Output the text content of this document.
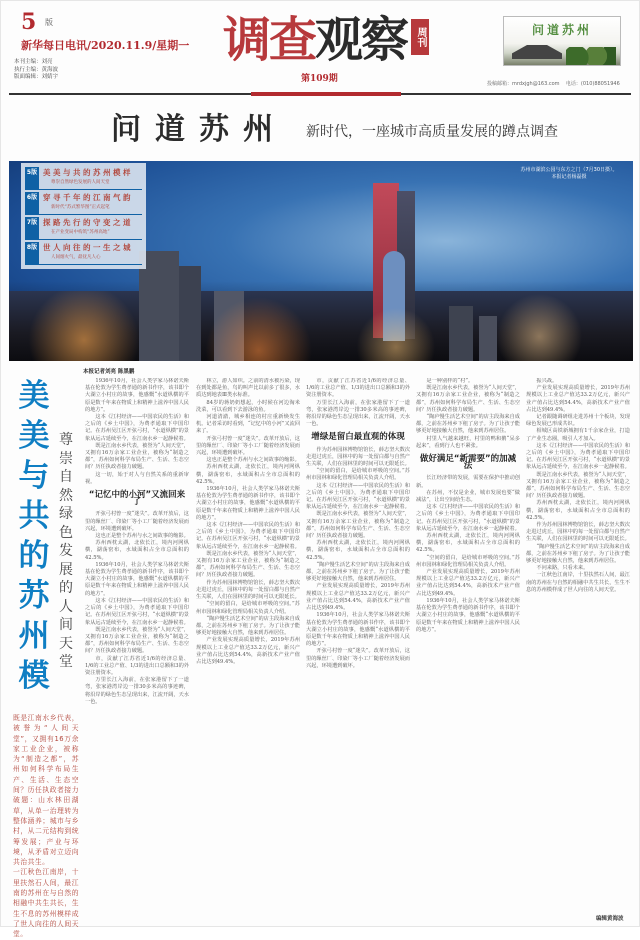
5 版
新华每日电讯/2020.11.9/星期一
本刊主编：刘亮
执行主编：黄海波
版面编辑：刘婧宇
调查观察 周刊
第109期
问道苏州
投稿邮箱：mrdxjgh@163.com 电话：(010)88051946
问道苏州 新时代，一座城市高质量发展的蹲点调查
5版 美美与共的苏州模样
尊崇自然绿色发展的人间天堂
6版 穿寻千年的江南气韵
新时代“苏式繁华图”正式起笔
7版 探路先行的守变之道
在产业变局中构筑“苏州高地”
8版 世人向往的一生之城
人间烟火气，最抚凡人心
苏州市湖滨公园与东方之门（7月30日摄）。本报记者杨磊摄
本报记者刘亮 陈黑鹏
美
美
与
共
的
苏
州
模
尊
崇
自
然
绿
色
发
展
的
人
间
天
堂
既是江南水乡代表，被誉为“人间天堂”，又拥有16万余家工业企业，被称为“制造之都”，苏州如何科学布局生产、生活、生态空间？历任执政者接力破题：山水林田湖草，从单一治理转为整体涵养；城市与乡村，从二元结构到统筹发展；产业与环境，从矛盾对立迈向共治共生。
一江秋色江南岸，十里扶然石人间，最江南的苏州在与自然的相融中共生共长，生生不息的苏州模样成了世人向往的人间天堂。

1936年10月，社会人类学家马林诺夫斯基在伦敦为学生费孝通的新书作序，该书即个大湖立小村庄的故事，他感慨“水道纵横的平原是数千年来在物质上和精神上滋养中国人民的地方”。

这本《江村经济——中国农民的生活》和之后的《乡土中国》，为费孝通取下中国印记。在苏州吴江区开弦弓村，“水道纵横”的景象从远古延续至今，在江南水乡一起静候着。

既是江南水乡代表，被誉为“人间天堂”，又拥有16万余家工业企业，被称为“制造之都”，苏州如何科学布局生产、生活、生态空间？历任执政者接力破题。

这一切，始于对人与自然关系的重新审视。

“记忆中的小河”又流回来了

开弦弓村曾一度“迷失”。改革开放后，这里的缫丝厂、印染厂等小工厂随着经济发展而兴起，环境遭到破坏。

这也正是整个苏州与水之间故事的缩影。

苏州西枕太湖，北依长江，境内河网纵横，湖荡密布，水域面积占全市总面积的42.5%。

1936年10月，社会人类学家马林诺夫斯基在伦敦为学生费孝通的新书作序，该书即个大湖立小村庄的故事，他感慨“水道纵横的平原是数千年来在物质上和精神上滋养中国人民的地方”。

这本《江村经济——中国农民的生活》和之后的《乡土中国》，为费孝通取下中国印记。在苏州吴江区开弦弓村，“水道纵横”的景象从远古延续至今，在江南水乡一起静候着。

既是江南水乡代表，被誉为“人间天堂”，又拥有16万余家工业企业，被称为“制造之都”，苏州如何科学布局生产、生活、生态空间？历任执政者接力破题。

市，贡献了江苏省近1/6的经济总量、1/6的工业总产值、1/3的进出口总额和3的外资注册资本。

万里长江入海前，在张家港留下了一道弯，张家港湾岸边一排30多米高的事迹碑，将沿岸的绿色生态呈现出来，江流开阔，天水一色。

林立，游人如织。之前的清水被污染，现在到处都是鱼，鸟的叫声比以前多了很多，水质达到地表Ⅲ类水标准。

84岁的蒋奶奶想起，小时候在河边淘米洗菜，可以看到下去游泳的鱼。

河道清澈，城乡相连的村庄重新焕发生机。记者采访时看到，“记忆中的小河”又流回来了。

开弦弓村曾一度“迷失”。改革开放后，这里的缫丝厂、印染厂等小工厂随着经济发展而兴起，环境遭到破坏。

这也正是整个苏州与水之间故事的缩影。

苏州西枕太湖，北依长江，境内河网纵横，湖荡密布，水域面积占全市总面积的42.5%。

1936年10月，社会人类学家马林诺夫斯基在伦敦为学生费孝通的新书作序，该书即个大湖立小村庄的故事，他感慨“水道纵横的平原是数千年来在物质上和精神上滋养中国人民的地方”。

这本《江村经济——中国农民的生活》和之后的《乡土中国》，为费孝通取下中国印记。在苏州吴江区开弦弓村，“水道纵横”的景象从远古延续至今，在江南水乡一起静候着。

既是江南水乡代表，被誉为“人间天堂”，又拥有16万余家工业企业，被称为“制造之都”，苏州如何科学布局生产、生活、生态空间？历任执政者接力破题。

作为苏州园林博物馆馆长，薛志坚大数次走进过虎丘，园林中的每一处留白都与自然产生关联，人们在园林里的时间可以无限延长。

“空间的留白，是给城市呼吸的空间。”苏州市园林和绿化管理局相关负责人介绍。

“陶庐慢生活艺术空间”的店主段海来自成都，之前在苏州乡下租了房子。为了让孩子能够更好地接触大自然，他来到苏州居住。

产业发展实现高质量增长，2019年苏州规模以上工业总产值达33.2万亿元，新兴产业产值占比达到54.4%，高新技术产业产值占比达到49.4%。

市，贡献了江苏省近1/6的经济总量、1/6的工业总产值、1/3的进出口总额和3的外资注册资本。

万里长江入海前，在张家港留下了一道弯，张家港湾岸边一排30多米高的事迹碑，将沿岸的绿色生态呈现出来，江流开阔，天水一色。

增绿是留白最直观的体现

作为苏州园林博物馆馆长，薛志坚大数次走进过虎丘，园林中的每一处留白都与自然产生关联，人们在园林里的时间可以无限延长。

“空间的留白，是给城市呼吸的空间。”苏州市园林和绿化管理局相关负责人介绍。

这本《江村经济——中国农民的生活》和之后的《乡土中国》，为费孝通取下中国印记。在苏州吴江区开弦弓村，“水道纵横”的景象从远古延续至今，在江南水乡一起静候着。

既是江南水乡代表，被誉为“人间天堂”，又拥有16万余家工业企业，被称为“制造之都”，苏州如何科学布局生产、生活、生态空间？历任执政者接力破题。

苏州西枕太湖，北依长江，境内河网纵横，湖荡密布，水域面积占全市总面积的42.5%。

“陶庐慢生活艺术空间”的店主段海来自成都，之前在苏州乡下租了房子。为了让孩子能够更好地接触大自然，他来到苏州居住。

产业发展实现高质量增长，2019年苏州规模以上工业总产值达33.2万亿元，新兴产业产值占比达到54.4%，高新技术产业产值占比达到49.4%。

1936年10月，社会人类学家马林诺夫斯基在伦敦为学生费孝通的新书作序，该书即个大湖立小村庄的故事，他感慨“水道纵横的平原是数千年来在物质上和精神上滋养中国人民的地方”。

开弦弓村曾一度“迷失”。改革开放后，这里的缫丝厂、印染厂等小工厂随着经济发展而兴起，环境遭到破坏。

是一种别样的“村”。

既是江南水乡代表，被誉为“人间天堂”，又拥有16万余家工业企业，被称为“制造之都”，苏州如何科学布局生产、生活、生态空间？历任执政者接力破题。

“陶庐慢生活艺术空间”的店主段海来自成都，之前在苏州乡下租了房子。为了让孩子能够更好地接触大自然，他来到苏州居住。

村里人气越来越旺，村里的鸭和鹅“呆多起来”，看到行人也不紧张。

做好满足“新需要”的加减法

长江经济带的发展，需要在保护中推动创新。

在苏州，不仅是企业，城市发展也要“做减法”，让出空间给生态。

这本《江村经济——中国农民的生活》和之后的《乡土中国》，为费孝通取下中国印记。在苏州吴江区开弦弓村，“水道纵横”的景象从远古延续至今，在江南水乡一起静候着。

苏州西枕太湖，北依长江，境内河网纵横，湖荡密布，水域面积占全市总面积的42.5%。

“空间的留白，是给城市呼吸的空间。”苏州市园林和绿化管理局相关负责人介绍。

产业发展实现高质量增长，2019年苏州规模以上工业总产值达33.2万亿元，新兴产业产值占比达到54.4%，高新技术产业产值占比达到49.4%。

1936年10月，社会人类学家马林诺夫斯基在伦敦为学生费孝通的新书作序，该书即个大湖立小村庄的故事，他感慨“水道纵横的平原是数千年来在物质上和精神上滋养中国人民的地方”。

振兴战。

产业发展实现高质量增长，2019年苏州规模以上工业总产值达33.2万亿元，新兴产业产值占比达到54.4%，高新技术产业产值占比达到49.4%。

记者跟随调研组走进苏州十个板块，发现绿色发展已形成共识。

相城区高铁新城拥有1千余家企业，打造了产业生态圈，吸引人才加入。

这本《江村经济——中国农民的生活》和之后的《乡土中国》，为费孝通取下中国印记。在苏州吴江区开弦弓村，“水道纵横”的景象从远古延续至今，在江南水乡一起静候着。

既是江南水乡代表，被誉为“人间天堂”，又拥有16万余家工业企业，被称为“制造之都”，苏州如何科学布局生产、生活、生态空间？历任执政者接力破题。

苏州西枕太湖，北依长江，境内河网纵横，湖荡密布，水域面积占全市总面积的42.5%。

作为苏州园林博物馆馆长，薛志坚大数次走进过虎丘，园林中的每一处留白都与自然产生关联，人们在园林里的时间可以无限延长。

“陶庐慢生活艺术空间”的店主段海来自成都，之前在苏州乡下租了房子。为了让孩子能够更好地接触大自然，他来到苏州居住。

不问来路，只看未来。

一江秋色江南岸，十里扶然石人间，最江南的苏州在与自然的相融中共生共长，生生不息的苏州模样成了世人向往的人间天堂。

编辑黄海波
